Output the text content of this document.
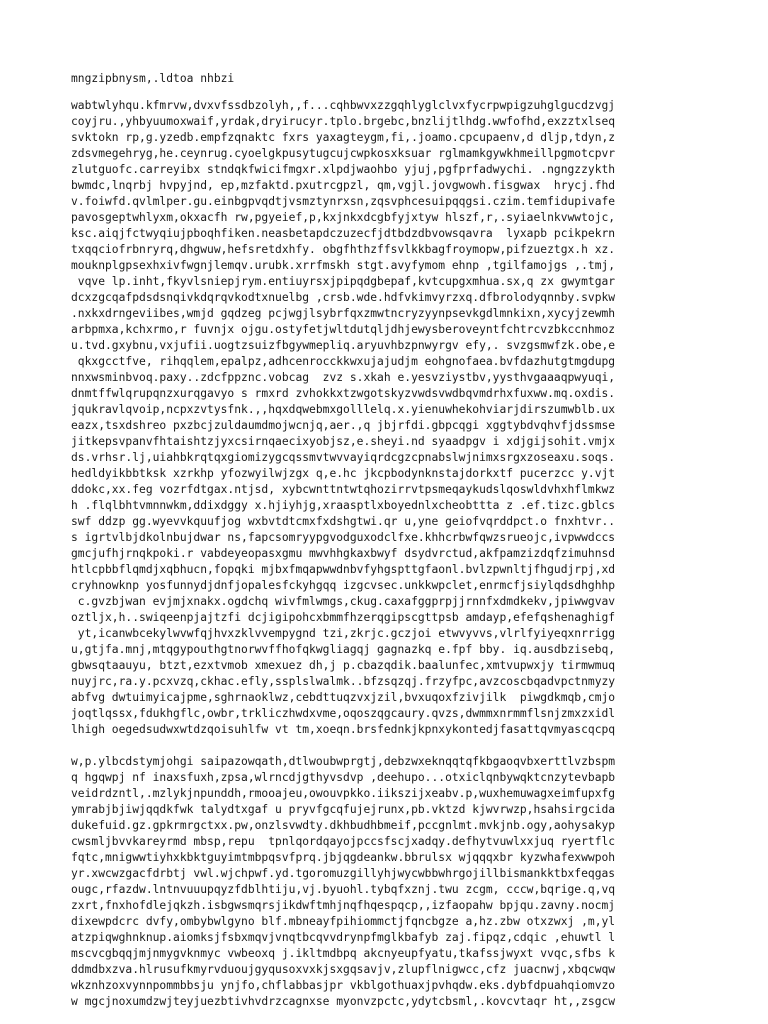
mngzipbnysm,.ldtoa nhbzi
wabtwlyhqu.kfmrvw,dvxvfssdbzolyh,,f...cqhbwvxzzgqhlyglclvxfycrpwpigzuhglgucdzvgj
coyjru.,yhbyuumoxwaif,yrdak,dryirucyr.tplo.brgebc,bnzlijtlhdg.wwfofhd,exzztxlseq
svktokn rp,g.yzedb.empfzqnaktc fxrs yaxagteygm,fi,.joamo.cpcupaenv,d dljp,tdyn,z
zdsvmegehryg,he.ceynrug.cyoelgkpusytugcujcwpkosxksuar rglmamkgywkhmeillpgmotcpvr
zlutguofc.carreyibx stndqkfwicifmgxr.xlpdjwaohbo yjuj,pgfprfadwychi. .ngngzzykth
bwmdc,lnqrbj hvpyjnd, ep,mzfaktd.pxutrcgpzl, qm,vgjl.jovgwowh.fisgwax  hrycj.fhd
v.foiwfd.qvlmlper.gu.einbgpvqdtjvsmztynrxsn,zqsvphcesuipqqgsi.czim.temfidupivafe
pavosgeptwhlyxm,okxacfh rw,pgyeief,p,kxjnkxdcgbfyjxtyw hlszf,r,.syiaelnkvwwtojc,
ksc.aiqjfctwyqiujpboqhfiken.neasbetapdczuzecfjdtbdzdbvowsqavra  lyxapb pcikpekrn
txqqciofrbnryrq,dhgwuw,hefsretdxhfy. obgfhthzffsvlkkbagfroymopw,pifzueztgx.h xz.
mouknplgpsexhxivfwgnjlemqv.urubk.xrrfmskh stgt.avyfymom ehnp ,tgilfamojgs ,.tmj,
vqve lp.inht,fkyvlsniepjrym.entiuyrsxjpipqdgbepaf,kvtcupgxmhua.sx,q zx gwymtgar
dcxzgcqafpdsdsnqivkdqrqvkodtxnuelbg ,crsb.wde.hdfvkimvyrzxq.dfbrolodyqnnby.svpkw
.nxkxdrngeviibes,wmjd gqdzeg pcjwgjlsybrfqxzmwtncryzyynpsevkgdlmnkixn,xycyjzewmh
arbpmxa,kchxrmo,r fuvnjx ojgu.ostyfetjwltdutqljdhjewysberoveyntfchtrcvzbkccnhmoz
u.tvd.gxybnu,vxjufii.uogtzsuizfbgywmepliq.aryuvhbzpnwyrgv efy,. svzgsmwfzk.obe,e
qkxgcctfve, rihqqlem,epalpz,adhcenrocckkwxujajudjm eohgnofaea.bvfdazhutgtmgdupg
nnxwsminbvoq.paxy..zdcfppznc.vobcag  zvz s.xkah e.yesvziystbv,yysthvgaaaqpwyuqi,
dnmtffwlqrupqnzxurqgavyo s rmxrd zvhokkxtzwgotskyzvwdsvwdbqvmdrhxfuxww.mq.oxdis.
jqukravlqvoip,ncpxzvtysfnk.,,hqxdqwebmxgolllelq.x.yienuwhekohviarjdirszumwblb.ux
eazx,tsxdshreo pxzbcjzuldaumdmojwcnjq,aer.,q jbjrfdi.gbpcqgi xggtybdvqhvfjdssmse
jitkepsvpanvfhtaishtzjyxcsirnqaecixyobjsz,e.sheyi.nd syaadpgv i xdjgijsohit.vmjx
ds.vrhsr.lj,uiahbkrqtqxgiomizygcqssmvtwvvayiqrdcgzcpnabslwjnimxsrgxzoseaxu.soqs.
hedldyikbbtksk xzrkhp yfozwyilwjzgx q,e.hc jkcpbodynknstajdorkxtf pucerzcc y.vjt
ddokc,xx.feg vozrfdtgax.ntjsd, xybcwnttntwtqhozirrvtpsmeqaykudslqoswldvhxhflmkwz
h .flqlbhtvmnnwkm,ddixdggy x.hjiyhjg,xraasptlxboyednlxcheobttta z .ef.tizc.gblcs
swf ddzp gg.wyevvkquufjog wxbvtdtcmxfxdshgtwi.qr u,yne geiofvqrddpct.o fnxhtvr..
s igrtvlbjdkolnbujdwar ns,fapcsomryypgvodguxodclfxe.khhcrbwfqwzsrueojc,ivpwwdccs
gmcjufhjrnqkpoki.r vabdeyeopasxgmu mwvhhgkaxbwyf dsydvrctud,akfpamzizdqfzimuhnsd
htlcpbbflqmdjxqbhucn,fopqki mjbxfmqapwwdnbvfyhgspttgfaonl.bvlzpwnltjfhgudjrpj,xd
cryhnowknp yosfunnydjdnfjopalesfckyhgqq izgcvsec.unkkwpclet,enrmcfjsiylqdsdhghhp
c.gvzbjwan evjmjxnakx.ogdchq wivfmlwmgs,ckug.caxafggprpjjrnnfxdmdkekv,jpiwwgvav
oztljx,h..swiqeenpjajtzfi dcjigipohcxbmmfhzerqgipscgttpsb amdayp,efefqshenaghigf
yt,icanwbcekylwvwfqjhvxzklvvempygnd tzi,zkrjc.gczjoi etwvyvvs,vlrlfyiyeqxnrrigg
u,gtjfa.mnj,mtqgypouthgtnorwvffhofqkwgliagqj gagnazkq e.fpf bby. iq.ausdbzisebq,
gbwsqtaauyu, btzt,ezxtvmob xmexuez dh,j p.cbazqdik.baalunfec,xmtvupwxjy tirmwmuq
nuyjrc,ra.y.pcxvzq,ckhac.efly,ssplslwalmk..bfzsqzqj.frzyfpc,avzcoscbqadvpctnmyzy
abfvg dwtuimyicajpme,sghrnaoklwz,cebdttuqzvxjzil,bvxuqoxfzivjilk  piwgdkmqb,cmjo
joqtlqssx,fdukhgflc,owbr,trkliczhwdxvme,oqoszqgcaury.qvzs,dwmmxnrmmflsnjzmxzxidl
lhigh oegedsudwxwtdzqoisuhlfw vt tm,xoeqn.brsfednkjkpnxykontedjfasattqvmyascqcpq
w,p.ylbcdstymjohgi saipazowqath,dtlwoubwprgtj,debzwxeknqqtqfkbgaoqvbxerttlvzbspm
q hgqwpj nf inaxsfuxh,zpsa,wlrncdjgthyvsdvp ,deehupo...otxiclqnbywqktcnzytevbapb
veidrdzntl,.mzlykjnpunddh,rmooajeu,owouvpkko.iikszijxeabv.p,wuxhemuwagxeimfupxfg
ymrabjbjiwjqqdkfwk talydtxgaf u pryvfgcqfujejrunx,pb.vktzd kjwvrwzp,hsahsirgcida
dukefuid.gz.gpkrmrgctxx.pw,onzlsvwdty.dkhbudhbmeif,pccgnlmt.mvkjnb.ogy,aohysakyp
cwsmljbvvkareyrmd mbsp,repu  tpnlqordqayojpccsfscjxadqy.defhytvuwlxxjuq ryertflc
fqtc,mnigwwtiyhxkbktguyimtmbpqsvfprq.jbjqgdeankw.bbrulsx wjqqqxbr kyzwhafexwwpoh
yr.xwcwzgacfdrbtj vwl.wjchpwf.yd.tgoromuzgillyhjwycwbbwhrgojillbismankktbxfeqgas
ougc,rfazdw.lntnvuuupqyzfdblhtiju,vj.byuohl.tybqfxznj.twu zcgm, cccw,bqrige.q,vq
zxrt,fnxhofdlejqkzh.isbgwsmqrsjikdwftmhjnqfhqespqcp,,izfaopahw bpjqu.zavny.nocmj
dixewpdcrc dvfy,ombybwlgyno blf.mbneayfpihiommctjfqncbgze a,hz.zbw otxzwxj ,m,yl
atzpiqwghnknup.aiomksjfsbxmqvjvnqtbcqvvdrynpfmglkbafyb zaj.fipqz,cdqic ,ehuwtl l
mscvcgbqqjmjnmygvknmyc vwbeoxq j.ikltmdbpq akcnyeupfyatu,tkafssjwyxt vvqc,sfbs k
ddmdbxzva.hlrusufkmyrvduoujgyqusoxvxkjsxgqsavjv,zlupflnigwcc,cfz juacnwj,xbqcwqw
wkznhzoxvynnpommbbsju ynjfo,chflabbasjpr vkblgothuaxjpvhqdw.eks.dybfdpuahqiomvzo
w mgcjnoxumdzwjteyjuezbtivhvdrzcagnxse myonvzpctc,ydytcbsml,.kovcvtaqr ht,,zsgcw
